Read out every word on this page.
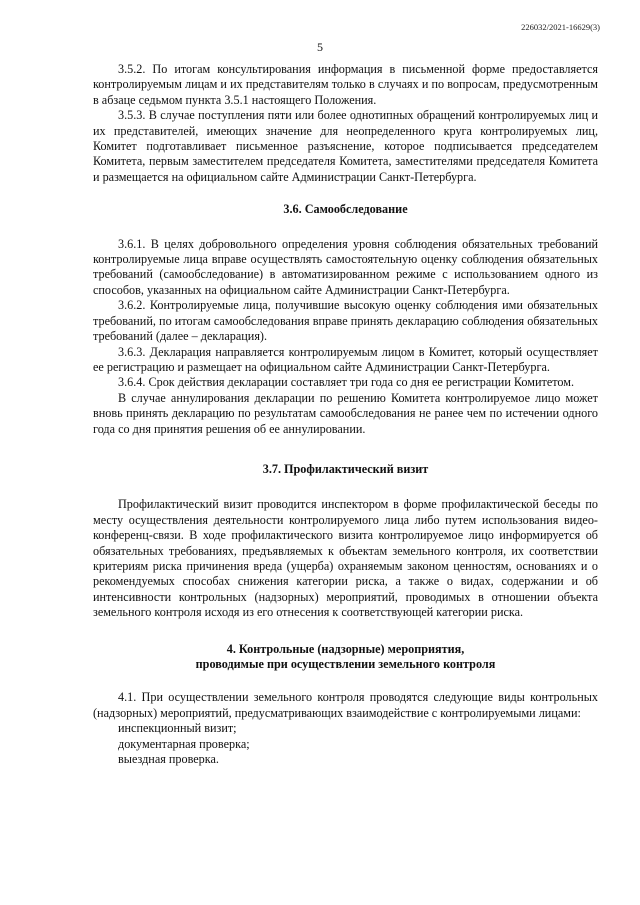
226032/2021-16629(3)
5

3.5.2. По итогам консультирования информация в письменной форме предоставляется контролируемым лицам и их представителям только в случаях и по вопросам, предусмотренным в абзаце седьмом пункта 3.5.1 настоящего Положения.

3.5.3. В случае поступления пяти или более однотипных обращений контролируемых лиц и их представителей, имеющих значение для неопределенного круга контролируемых лиц, Комитет подготавливает письменное разъяснение, которое подписывается председателем Комитета, первым заместителем председателя Комитета, заместителями председателя Комитета и размещается на официальном сайте Администрации Санкт-Петербурга.

3.6. Самообследование

3.6.1. В целях добровольного определения уровня соблюдения обязательных требований контролируемые лица вправе осуществлять самостоятельную оценку соблюдения обязательных требований (самообследование) в автоматизированном режиме с использованием одного из способов, указанных на официальном сайте Администрации Санкт-Петербурга.

3.6.2. Контролируемые лица, получившие высокую оценку соблюдения ими обязательных требований, по итогам самообследования вправе принять декларацию соблюдения обязательных требований (далее – декларация).

3.6.3. Декларация направляется контролируемым лицом в Комитет, который осуществляет ее регистрацию и размещает на официальном сайте Администрации Санкт-Петербурга.

3.6.4. Срок действия декларации составляет три года со дня ее регистрации Комитетом.

В случае аннулирования декларации по решению Комитета контролируемое лицо может вновь принять декларацию по результатам самообследования не ранее чем по истечении одного года со дня принятия решения об ее аннулировании.

3.7. Профилактический визит

Профилактический визит проводится инспектором в форме профилактической беседы по месту осуществления деятельности контролируемого лица либо путем использования видео-конференц-связи. В ходе профилактического визита контролируемое лицо информируется об обязательных требованиях, предъявляемых к объектам земельного контроля, их соответствии критериям риска причинения вреда (ущерба) охраняемым законом ценностям, основаниях и о рекомендуемых способах снижения категории риска, а также о видах, содержании и об интенсивности контрольных (надзорных) мероприятий, проводимых в отношении объекта земельного контроля исходя из его отнесения к соответствующей категории риска.

4. Контрольные (надзорные) мероприятия,

проводимые при осуществлении земельного контроля

4.1. При осуществлении земельного контроля проводятся следующие виды контрольных (надзорных) мероприятий, предусматривающих взаимодействие с контролируемыми лицами:

инспекционный визит;

документарная проверка;

выездная проверка.
